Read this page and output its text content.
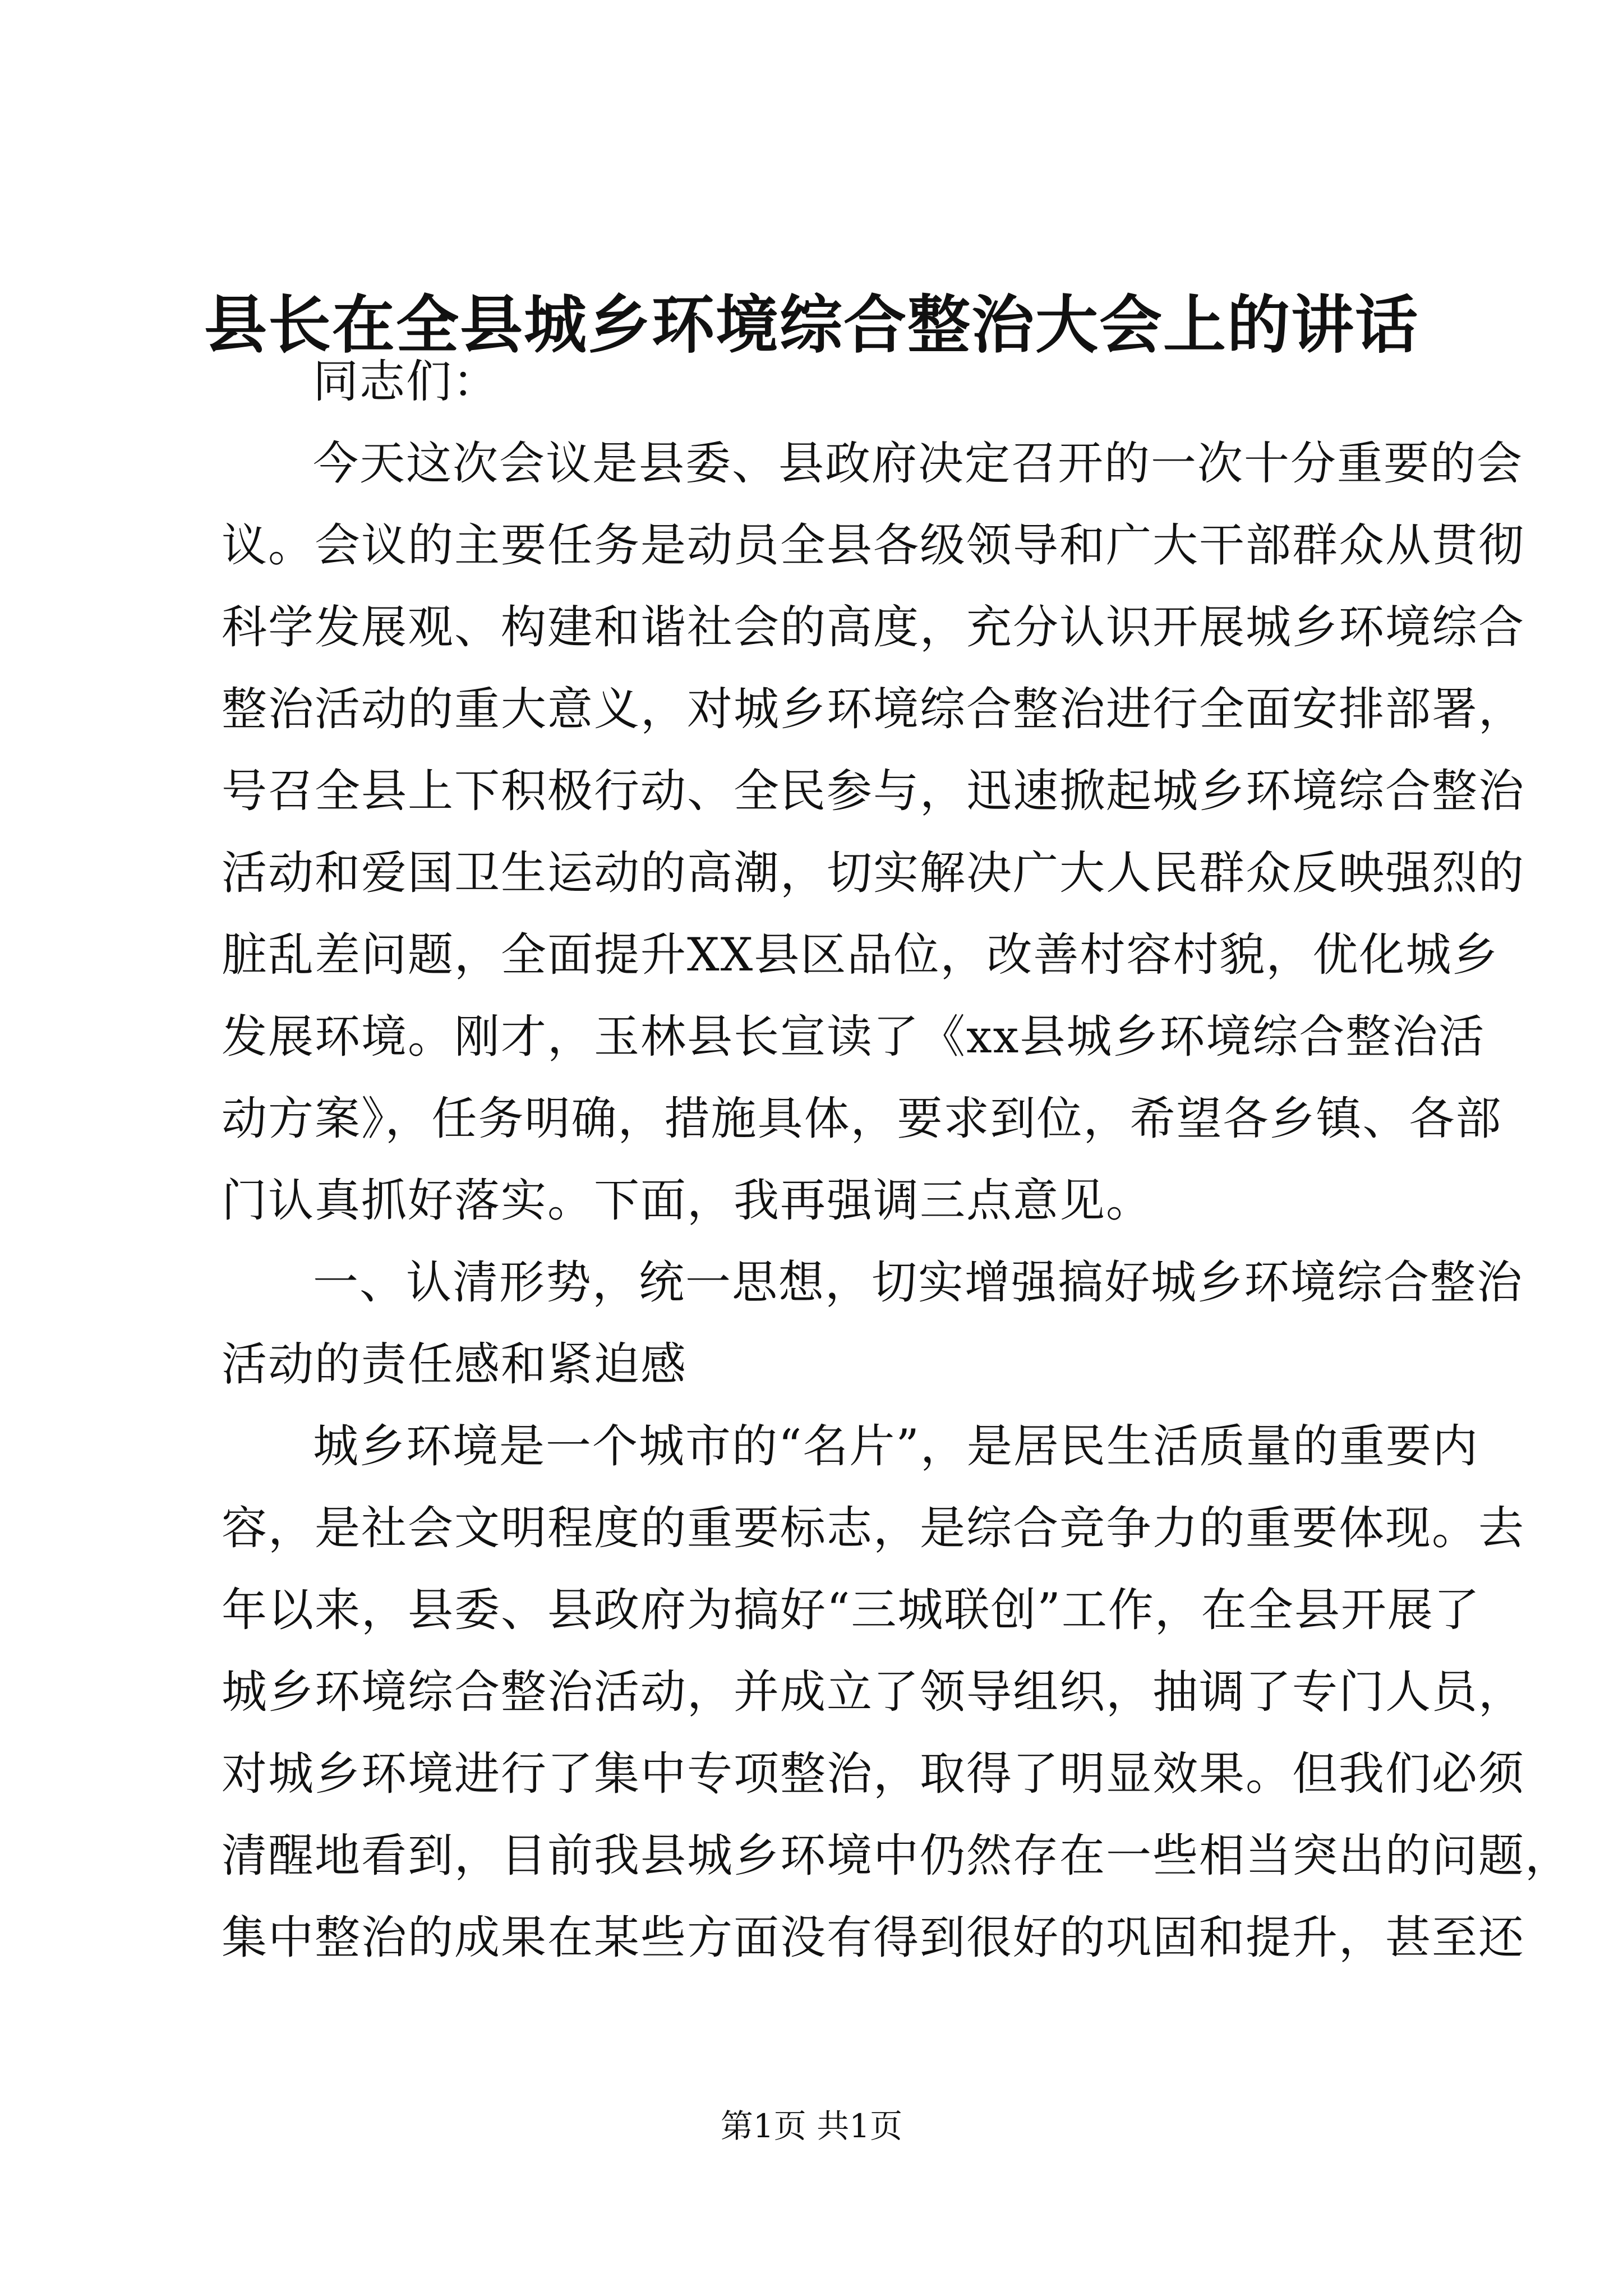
县长在全县城乡环境综合整治大会上的讲话
同志们：
今天这次会议是县委、县政府决定召开的一次十分重要的会
议。会议的主要任务是动员全县各级领导和广大干部群众从贯彻
科学发展观、构建和谐社会的高度，充分认识开展城乡环境综合
整治活动的重大意义，对城乡环境综合整治进行全面安排部署，
号召全县上下积极行动、全民参与，迅速掀起城乡环境综合整治
活动和爱国卫生运动的高潮，切实解决广大人民群众反映强烈的
脏乱差问题，全面提升XX县区品位，改善村容村貌，优化城乡
发展环境。刚才，玉林县长宣读了《xx县城乡环境综合整治活
动方案》，任务明确，措施具体，要求到位，希望各乡镇、各部
门认真抓好落实。下面，我再强调三点意见。
一、认清形势，统一思想，切实增强搞好城乡环境综合整治
活动的责任感和紧迫感
城乡环境是一个城市的“名片”，是居民生活质量的重要内
容，是社会文明程度的重要标志，是综合竞争力的重要体现。去
年以来，县委、县政府为搞好“三城联创”工作，在全县开展了
城乡环境综合整治活动，并成立了领导组织，抽调了专门人员，
对城乡环境进行了集中专项整治，取得了明显效果。但我们必须
清醒地看到，目前我县城乡环境中仍然存在一些相当突出的问题，
集中整治的成果在某些方面没有得到很好的巩固和提升，甚至还
第1页 共1页
